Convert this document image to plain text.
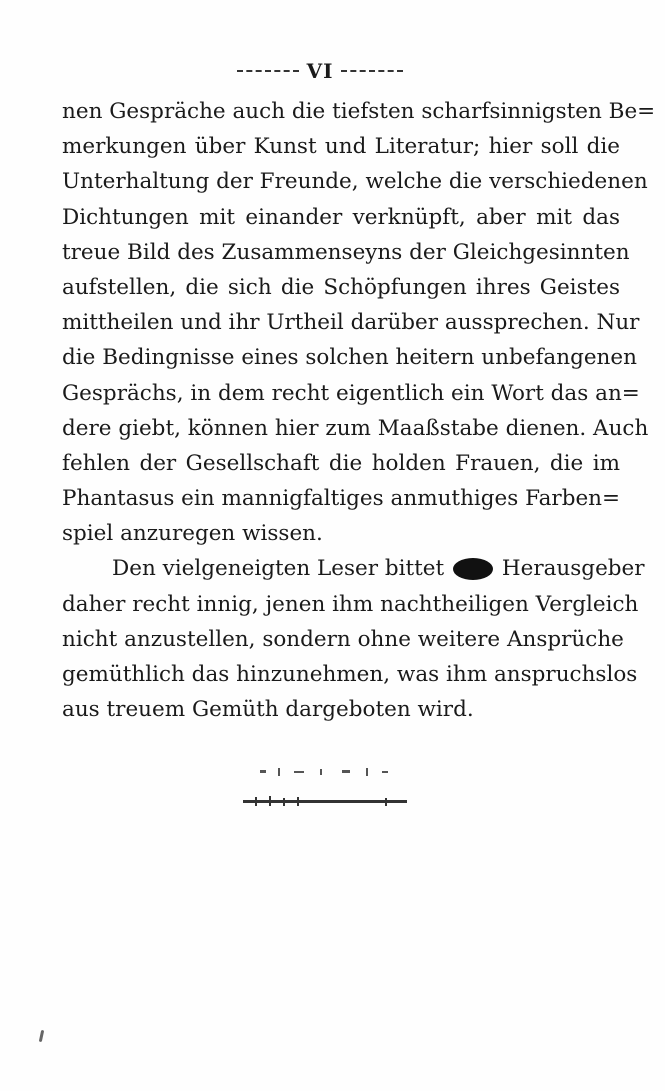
VI
nen Gespräche auch die tiefsten scharfsinnigsten Be=
merkungen über Kunst und Literatur; hier soll die
Unterhaltung der Freunde, welche die verschiedenen
Dichtungen mit einander verknüpft, aber mit das
treue Bild des Zusammenseyns der Gleichgesinnten
aufstellen, die sich die Schöpfungen ihres Geistes
mittheilen und ihr Urtheil darüber aussprechen. Nur
die Bedingnisse eines solchen heitern unbefangenen
Gesprächs, in dem recht eigentlich ein Wort das an=
dere giebt, können hier zum Maaßstabe dienen. Auch
fehlen der Gesellschaft die holden Frauen, die im
Phantasus ein mannigfaltiges anmuthiges Farben=
spiel anzuregen wissen.
Den vielgeneigten Leser bittet	Herausgeber
daher recht innig, jenen ihm nachtheiligen Vergleich
nicht anzustellen, sondern ohne weitere Ansprüche
gemüthlich das hinzunehmen, was ihm anspruchslos
aus treuem Gemüth dargeboten wird.
